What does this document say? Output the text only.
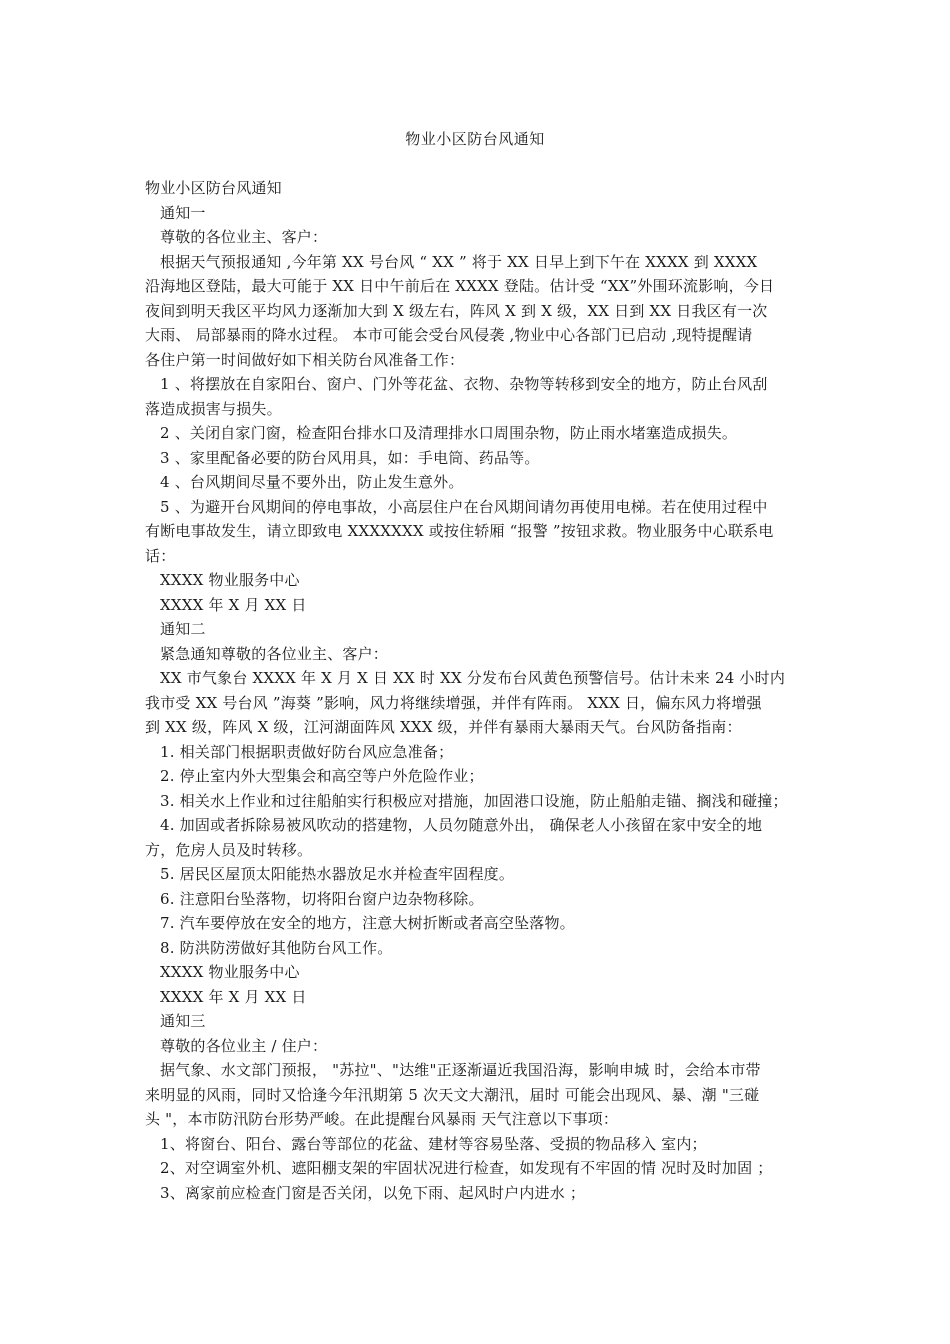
物业小区防台风通知
物业小区防台风通知
通知一
尊敬的各位业主、客户：
根据天气预报通知 ,今年第 XX 号台风 “ XX ” 将于 XX 日早上到下午在 XXXX 到 XXXX
沿海地区登陆，最大可能于 XX 日中午前后在 XXXX 登陆。估计受 “XX”外围环流影响，今日
夜间到明天我区平均风力逐渐加大到 X 级左右，阵风 X 到 X 级，XX 日到 XX 日我区有一次
大雨、 局部暴雨的降水过程。 本市可能会受台风侵袭 ,物业中心各部门已启动 ,现特提醒请
各住户第一时间做好如下相关防台风准备工作：
1 、将摆放在自家阳台、窗户、门外等花盆、衣物、杂物等转移到安全的地方，防止台风刮
落造成损害与损失。
2 、关闭自家门窗，检查阳台排水口及清理排水口周围杂物，防止雨水堵塞造成损失。
3 、家里配备必要的防台风用具，如：手电筒、药品等。
4 、台风期间尽量不要外出，防止发生意外。
5 、为避开台风期间的停电事故，小高层住户在台风期间请勿再使用电梯。若在使用过程中
有断电事故发生，请立即致电 XXXXXXX 或按住轿厢 “报警 ”按钮求救。物业服务中心联系电
话：
XXXX 物业服务中心
XXXX 年 X 月 XX 日
通知二
紧急通知尊敬的各位业主、客户：
XX 市气象台 XXXX 年 X 月 X 日 XX 时 XX 分发布台风黄色预警信号。估计未来 24 小时内
我市受 XX 号台风 ”海葵 ”影响，风力将继续增强，并伴有阵雨。 XXX 日，偏东风力将增强
到 XX 级，阵风 X 级，江河湖面阵风 XXX 级，并伴有暴雨大暴雨天气。台风防备指南：
1. 相关部门根据职责做好防台风应急准备；
2. 停止室内外大型集会和高空等户外危险作业；
3. 相关水上作业和过往船舶实行积极应对措施，加固港口设施，防止船舶走锚、搁浅和碰撞；
4. 加固或者拆除易被风吹动的搭建物，人员勿随意外出， 确保老人小孩留在家中安全的地
方，危房人员及时转移。
5. 居民区屋顶太阳能热水器放足水并检查牢固程度。
6. 注意阳台坠落物，切将阳台窗户边杂物移除。
7. 汽车要停放在安全的地方，注意大树折断或者高空坠落物。
8. 防洪防涝做好其他防台风工作。
XXXX 物业服务中心
XXXX 年 X 月 XX 日
通知三
尊敬的各位业主 / 住户：
据气象、水文部门预报， "苏拉"、"达维"正逐渐逼近我国沿海，影响申城 时，会给本市带
来明显的风雨，同时又恰逢今年汛期第 5 次天文大潮汛，届时 可能会出现风、暴、潮 "三碰
头 "，本市防汛防台形势严峻。在此提醒台风暴雨 天气注意以下事项：
1、将窗台、阳台、露台等部位的花盆、建材等容易坠落、受损的物品移入 室内；
2、对空调室外机、遮阳棚支架的牢固状况进行检查，如发现有不牢固的情 况时及时加固 ；
3、离家前应检查门窗是否关闭，以免下雨、起风时户内进水 ；
